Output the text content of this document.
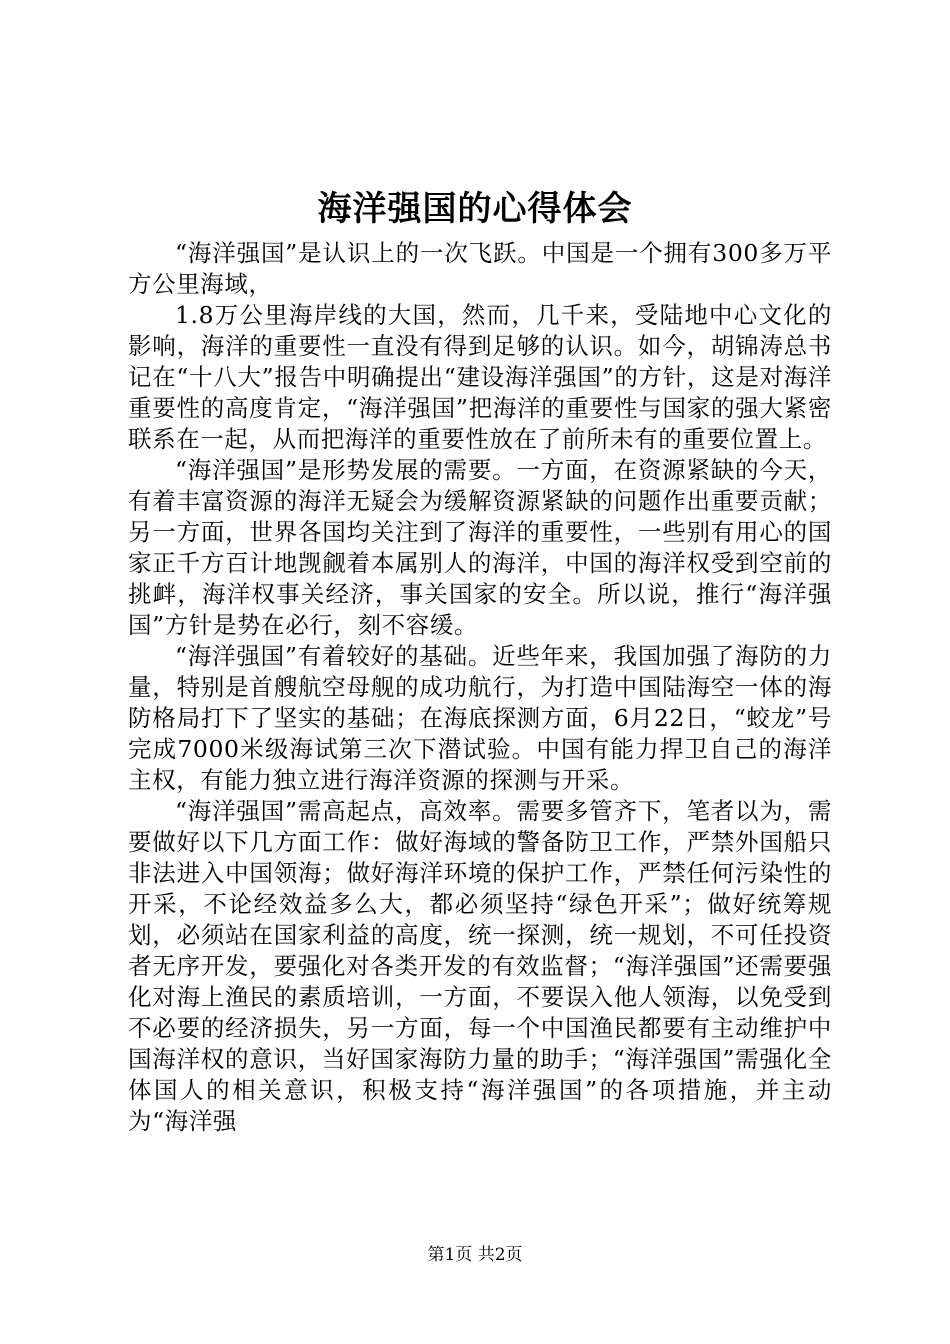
海洋强国的心得体会

“海洋强国”是认识上的一次飞跃。中国是一个拥有300多万平方公里海域，

1.8万公里海岸线的大国，然而，几千来，受陆地中心文化的影响，海洋的重要性一直没有得到足够的认识。如今，胡锦涛总书记在“十八大”报告中明确提出“建设海洋强国”的方针，这是对海洋重要性的高度肯定，“海洋强国”把海洋的重要性与国家的强大紧密联系在一起，从而把海洋的重要性放在了前所未有的重要位置上。

“海洋强国”是形势发展的需要。一方面，在资源紧缺的今天，有着丰富资源的海洋无疑会为缓解资源紧缺的问题作出重要贡献；另一方面，世界各国均关注到了海洋的重要性，一些别有用心的国家正千方百计地觊觎着本属别人的海洋，中国的海洋权受到空前的挑衅，海洋权事关经济，事关国家的安全。所以说，推行“海洋强国”方针是势在必行，刻不容缓。

“海洋强国”有着较好的基础。近些年来，我国加强了海防的力量，特别是首艘航空母舰的成功航行，为打造中国陆海空一体的海防格局打下了坚实的基础；在海底探测方面，6月22日，“蛟龙”号完成7000米级海试第三次下潜试验。中国有能力捍卫自己的海洋主权，有能力独立进行海洋资源的探测与开采。

“海洋强国”需高起点，高效率。需要多管齐下，笔者以为，需要做好以下几方面工作：做好海域的警备防卫工作，严禁外国船只非法进入中国领海；做好海洋环境的保护工作，严禁任何污染性的开采，不论经效益多么大，都必须坚持“绿色开采”；做好统筹规划，必须站在国家利益的高度，统一探测，统一规划，不可任投资者无序开发，要强化对各类开发的有效监督；“海洋强国”还需要强化对海上渔民的素质培训，一方面，不要误入他人领海，以免受到不必要的经济损失，另一方面，每一个中国渔民都要有主动维护中国海洋权的意识，当好国家海防力量的助手；“海洋强国”需强化全体国人的相关意识，积极支持“海洋强国”的各项措施，并主动为“海洋强

第1页 共2页
